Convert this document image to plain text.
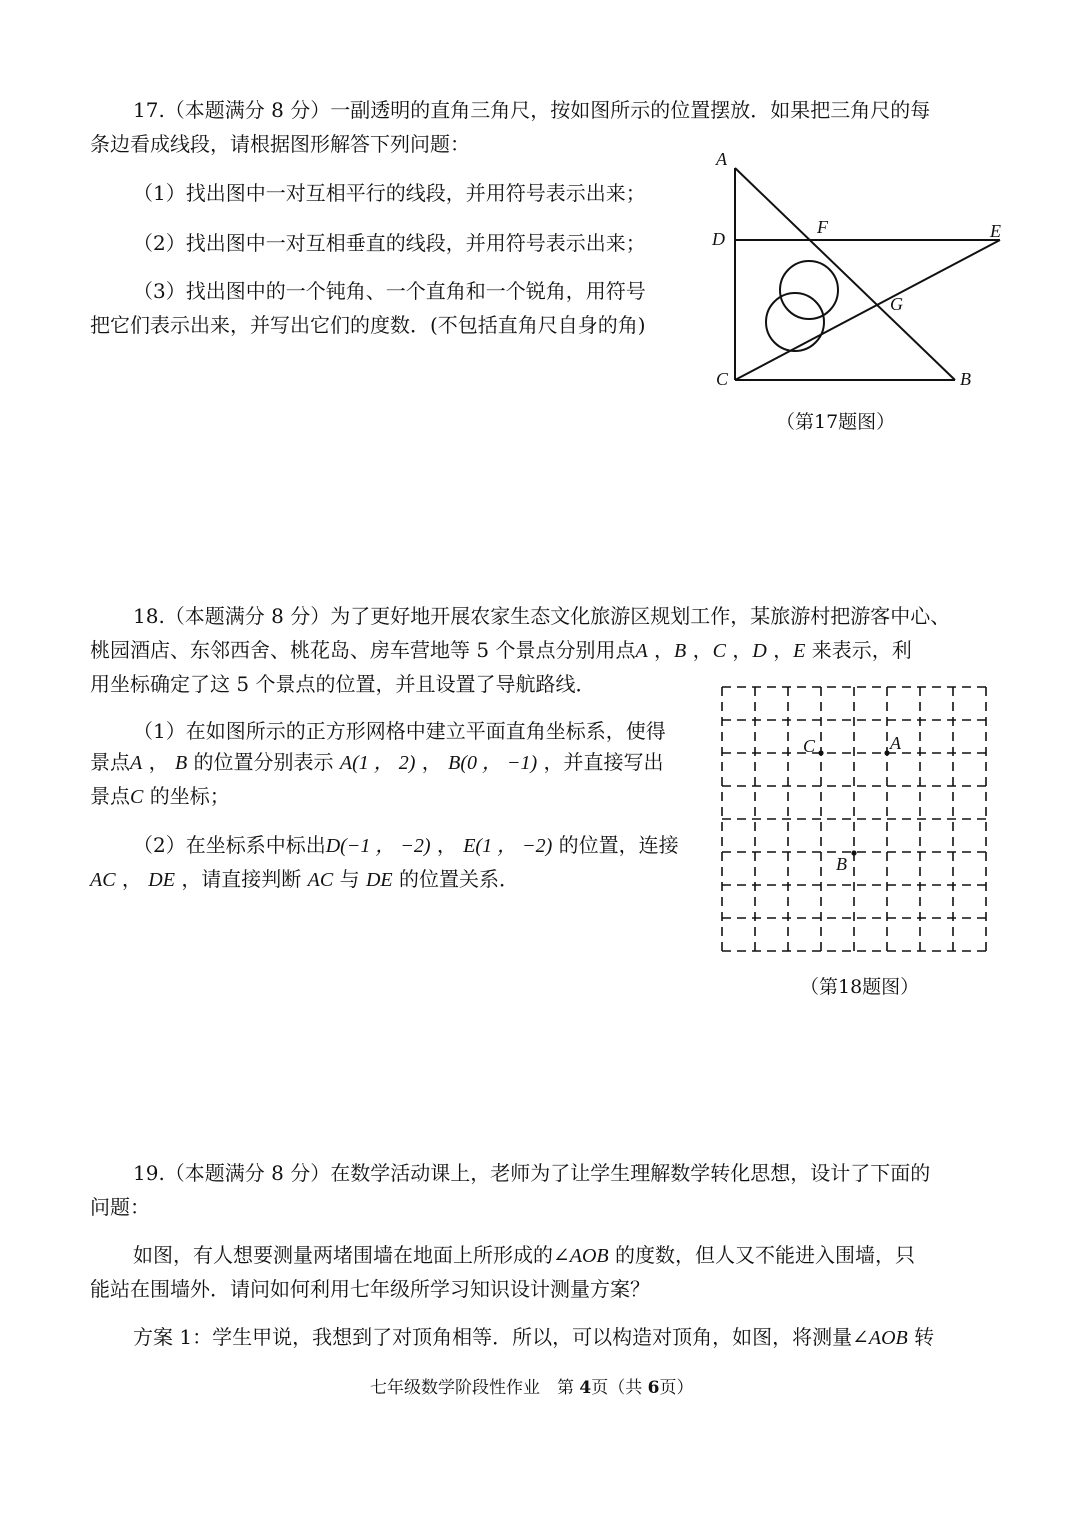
17.（本题满分 8 分）一副透明的直角三角尺，按如图所示的位置摆放．如果把三角尺的每
条边看成线段，请根据图形解答下列问题：
（1）找出图中一对互相平行的线段，并用符号表示出来；
（2）找出图中一对互相垂直的线段，并用符号表示出来；
（3）找出图中的一个钝角、一个直角和一个锐角，用符号
把它们表示出来，并写出它们的度数．(不包括直角尺自身的角)
A
D
F	E
G
C	B
（第17题图）
18.（本题满分 8 分）为了更好地开展农家生态文化旅游区规划工作，某旅游村把游客中心、
桃园酒店、东邻西舍、桃花岛、房车营地等 5 个景点分别用点A ，B ，C ，D ，E 来表示，利
用坐标确定了这 5 个景点的位置，并且设置了导航路线．
（1）在如图所示的正方形网格中建立平面直角坐标系，使得
景点A ， B 的位置分别表示 A(1 ， 2) ， B(0 ， −1) ，并直接写出
景点C 的坐标；
（2）在坐标系中标出D(−1 ， −2) ， E(1 ， −2) 的位置，连接
AC ， DE ，请直接判断 AC 与 DE 的位置关系．
C	A
B
（第18题图）
19.（本题满分 8 分）在数学活动课上，老师为了让学生理解数学转化思想，设计了下面的
问题：
如图，有人想要测量两堵围墙在地面上所形成的∠AOB 的度数，但人又不能进入围墙，只
能站在围墙外．请问如何利用七年级所学习知识设计测量方案？
方案 1：学生甲说，我想到了对顶角相等．所以，可以构造对顶角，如图，将测量∠AOB 转
七年级数学阶段性作业　第 4页（共 6页）
